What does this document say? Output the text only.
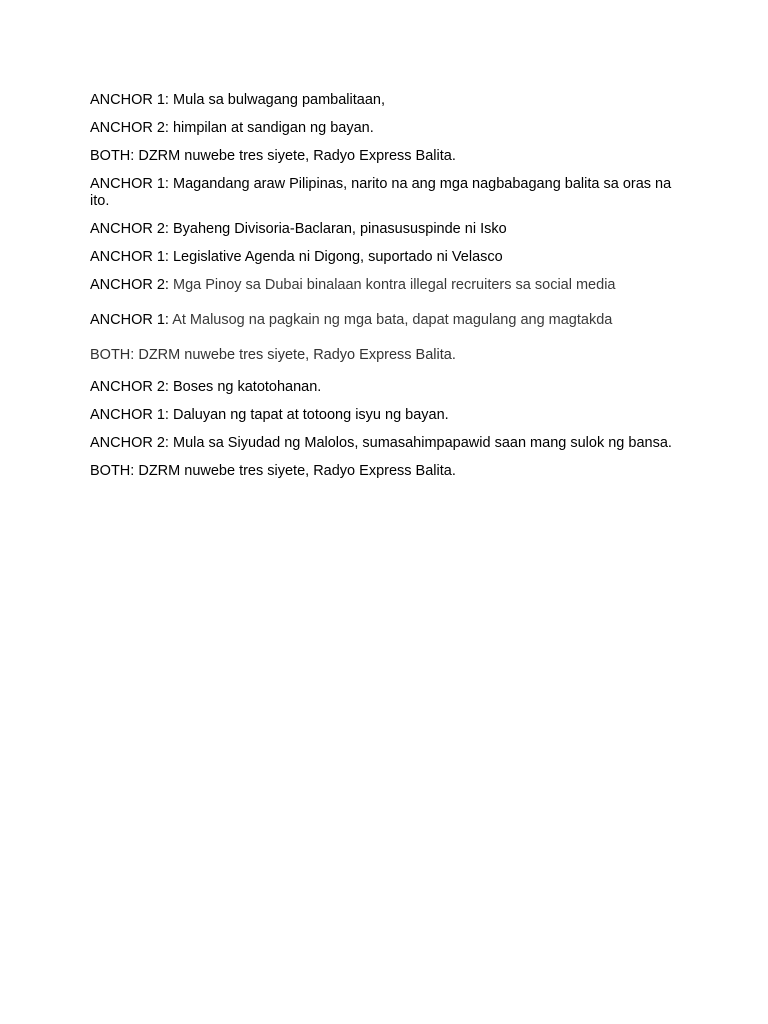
ANCHOR 1: Mula sa bulwagang pambalitaan,

ANCHOR 2: himpilan at sandigan ng bayan.

BOTH: DZRM nuwebe tres siyete, Radyo Express Balita.

ANCHOR 1: Magandang araw Pilipinas, narito na ang mga nagbabagang balita sa oras na ito.

ANCHOR 2: Byaheng Divisoria-Baclaran, pinasususpinde ni Isko

ANCHOR 1: Legislative Agenda ni Digong, suportado ni Velasco

ANCHOR 2: Mga Pinoy sa Dubai binalaan kontra illegal recruiters sa social media

ANCHOR 1: At Malusog na pagkain ng mga bata, dapat magulang ang magtakda

BOTH: DZRM nuwebe tres siyete, Radyo Express Balita.

ANCHOR 2: Boses ng katotohanan.

ANCHOR 1: Daluyan ng tapat at totoong isyu ng bayan.

ANCHOR 2: Mula sa Siyudad ng Malolos, sumasahimpapawid saan mang sulok ng bansa.

BOTH: DZRM nuwebe tres siyete, Radyo Express Balita.
